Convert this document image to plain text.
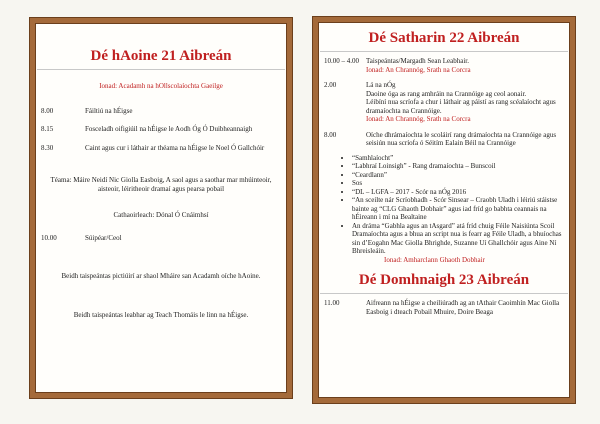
Dé hAoine 21 Aibreán
Ionad: Acadamh na hOllscolaíochta Gaeilge
8.00	Fáiltiú na hÉigse
8.15	Fosceladh oifigiúil na hÉigse le Aodh Óg Ó Duibheannaigh
8.30	Caint agus cur i láthair ar théama na hÉigse le Noel Ó Gallchóir
Téama: Máire Neidí Nic Giolla Easboig, A saol agus a saothar mar mhúinteoir, aisteoir, léiritheoir dramaí agus pearsa pobail
Cathaoirleach: Dónal Ó Cnáimhsí
10.00	Súipéar/Ceol
Beidh taispeántas pictiúirí ar shaol Mháire san Acadamh oíche hAoine.
Beidh taispeántas leabhar ag Teach Thomáis le linn na hÉigse.
Dé Satharin 22 Aibreán
10.00 – 4.00	Taispeántas/Margadh Sean Leabhair.
Ionad: An Chrannóg, Srath na Corcra
2.00	Lá na nÓg
Daoine óga as rang amhráin na Crannóige ag ceol aonair.
Léibíní nua scríofa a chur i láthair ag páistí as rang scéalaíocht agus dramaíochta na Crannóige.
Ionad: An Chrannóg, Srath na Corcra
8.00	Oíche dhrámaíochta le scoláirí rang drámaíochta na Crannóige agus seisiún nua scríofa ó Séitím Ealain Béil na Crannóige
• “Samhlaíocht”
• “Labhraí Loinsigh” - Rang dramaíochta – Bunscoil
• “Ceardlann”
• Sos
• “DL – LGFA – 2017 - Scór na nÓg 2016
• “An sceilte nár Scríobhadh - Scór Sinsear – Craobh Uladh i léiriú stáistse bainte ag “CLG Ghaoth Dobhair” agus iad fríd go babhta ceannais na hÉireann i mí na Bealtaine
• An dráma “Gabhla agus an tAsgard” atá fríd chuig Féile Naisiúnta Scoil Dramaíochta agus a bhua an script nua is fearr ag Féile Uladh, a bhuíochas sin d’Eogahn Mac Giolla Bhrighde, Suzanne Uí Ghallchóir agus Aine Ní Bhreisleáin.
Ionad: Amharclann Ghaoth Dobhair
Dé Domhnaigh 23 Aibreán
11.00	Aifreann na hÉigse a cheiliúradh ag an tAthair Caoimhín Mac Giolla Easboig i dteach Pobail Mhuire, Doire Beaga
